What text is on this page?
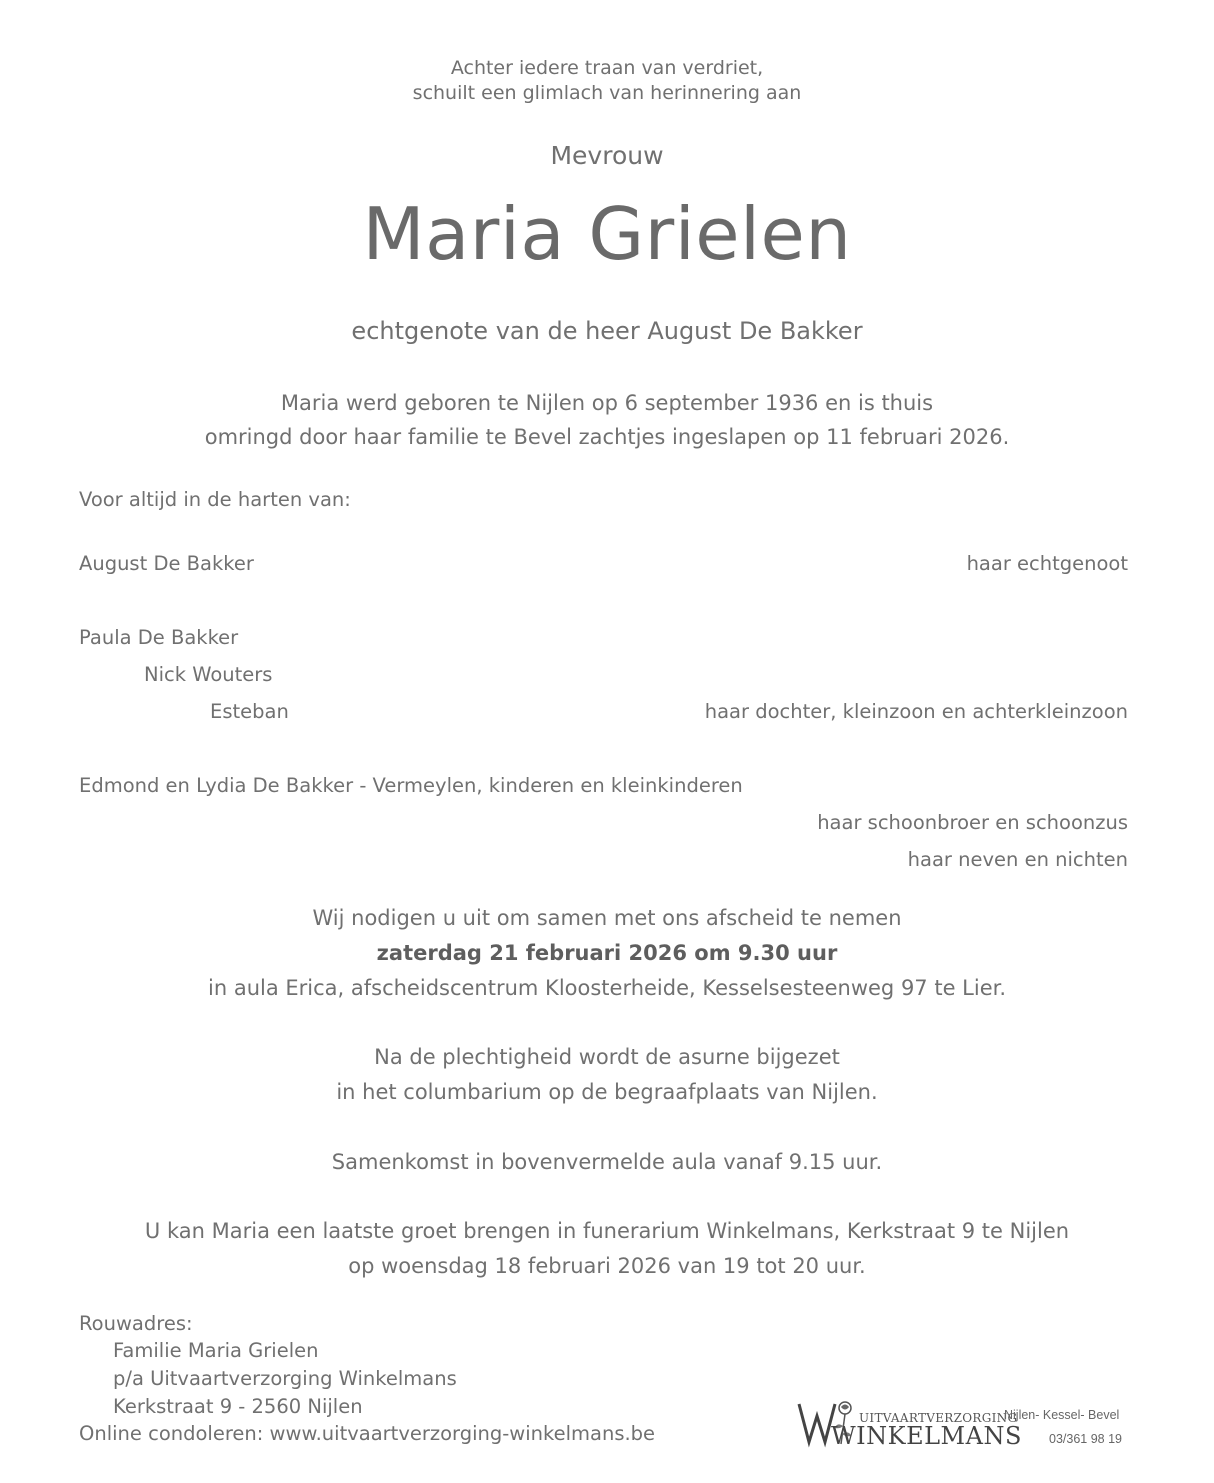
Achter iedere traan van verdriet,
schuilt een glimlach van herinnering aan
Mevrouw
Maria Grielen
echtgenote van de heer August De Bakker
Maria werd geboren te Nijlen op 6 september 1936 en is thuis
omringd door haar familie te Bevel zachtjes ingeslapen op 11 februari 2026.
Voor altijd in de harten van:
August De Bakker	haar echtgenoot
Paula De Bakker
Nick Wouters
Esteban	haar dochter, kleinzoon en achterkleinzoon
Edmond en Lydia De Bakker - Vermeylen, kinderen en kleinkinderen
haar schoonbroer en schoonzus
haar neven en nichten
Wij nodigen u uit om samen met ons afscheid te nemen
zaterdag 21 februari 2026 om 9.30 uur
in aula Erica, afscheidscentrum Kloosterheide, Kesselsesteenweg 97 te Lier.
Na de plechtigheid wordt de asurne bijgezet
in het columbarium op de begraafplaats van Nijlen.
Samenkomst in bovenvermelde aula vanaf 9.15 uur.
U kan Maria een laatste groet brengen in funerarium Winkelmans, Kerkstraat 9 te Nijlen
op woensdag 18 februari 2026 van 19 tot 20 uur.
Rouwadres:
Familie Maria Grielen
p/a Uitvaartverzorging Winkelmans
Kerkstraat 9 - 2560 Nijlen
Online condoleren: www.uitvaartverzorging-winkelmans.be
UITVAARTVERZORGING
WINKELMANS
Nijlen- Kessel- Bevel
03/361 98 19
